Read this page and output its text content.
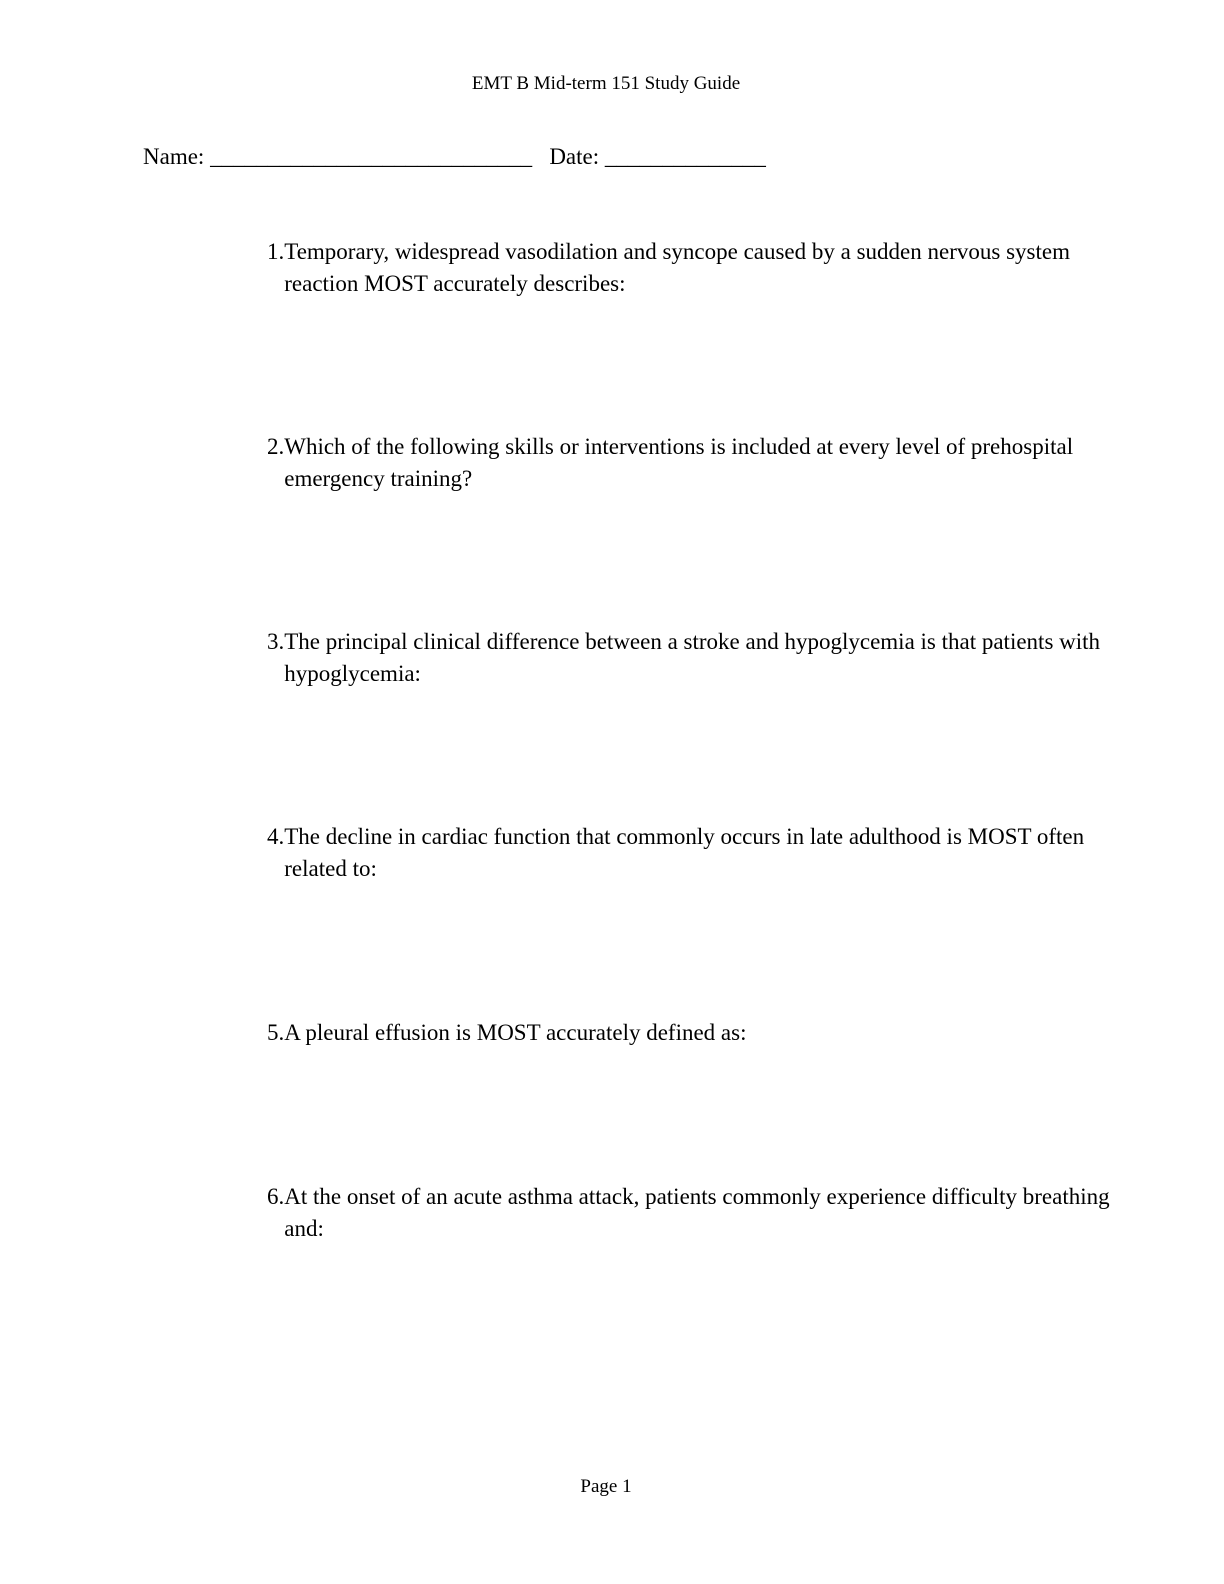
EMT B Mid-term 151 Study Guide
Name: ____________________________ Date: ______________
1. Temporary, widespread vasodilation and syncope caused by a sudden nervous system reaction MOST accurately describes:
2. Which of the following skills or interventions is included at every level of prehospital emergency training?
3. The principal clinical difference between a stroke and hypoglycemia is that patients with hypoglycemia:
4. The decline in cardiac function that commonly occurs in late adulthood is MOST often related to:
5. A pleural effusion is MOST accurately defined as:
6. At the onset of an acute asthma attack, patients commonly experience difficulty breathing and:
Page 1
